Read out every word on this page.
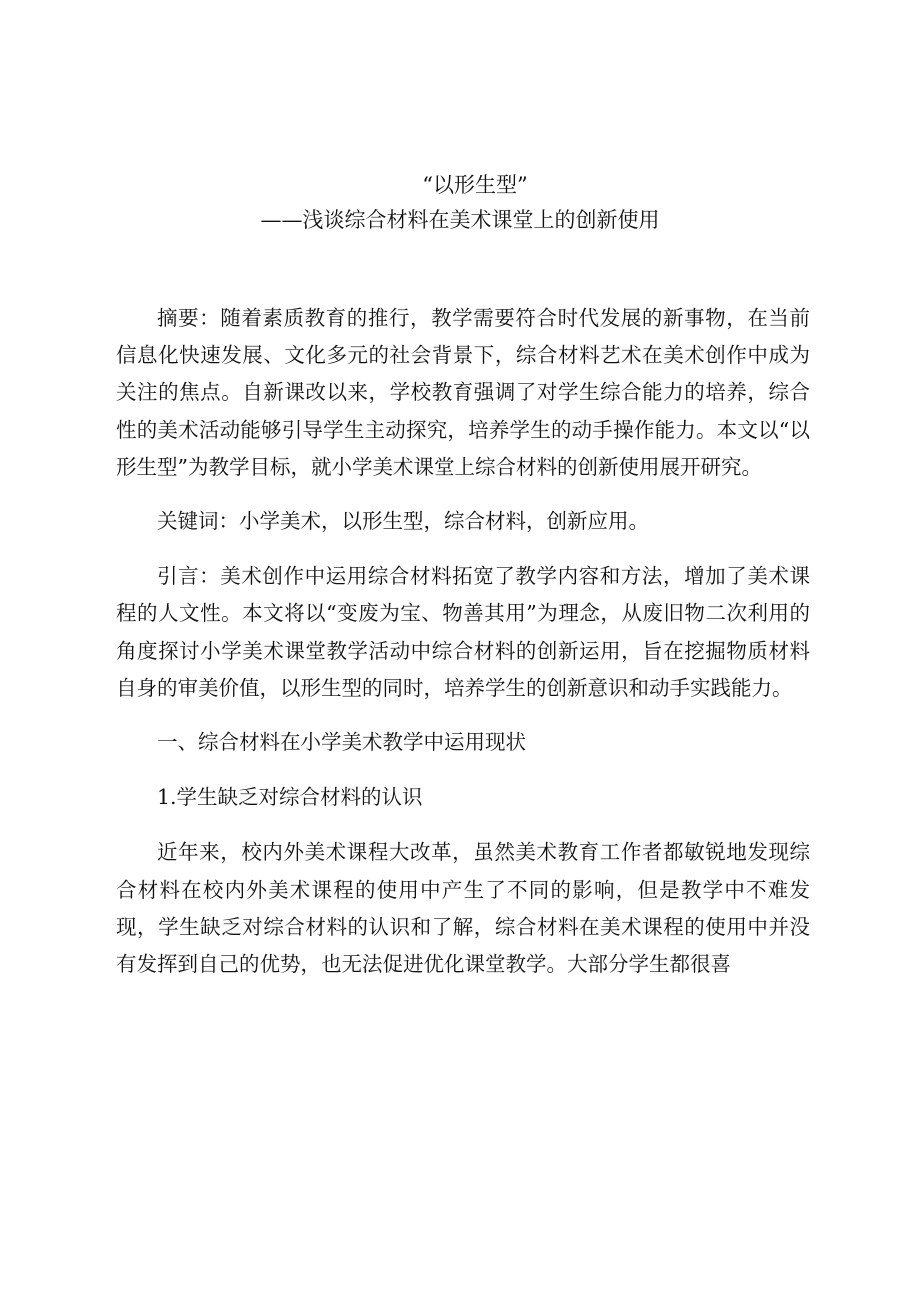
“以形生型”
——浅谈综合材料在美术课堂上的创新使用

摘要：随着素质教育的推行，教学需要符合时代发展的新事物，在当前信息化快速发展、文化多元的社会背景下，综合材料艺术在美术创作中成为关注的焦点。自新课改以来，学校教育强调了对学生综合能力的培养，综合性的美术活动能够引导学生主动探究，培养学生的动手操作能力。本文以“以形生型”为教学目标，就小学美术课堂上综合材料的创新使用展开研究。

关键词：小学美术，以形生型，综合材料，创新应用。

引言：美术创作中运用综合材料拓宽了教学内容和方法，增加了美术课程的人文性。本文将以“变废为宝、物善其用”为理念，从废旧物二次利用的角度探讨小学美术课堂教学活动中综合材料的创新运用，旨在挖掘物质材料自身的审美价值，以形生型的同时，培养学生的创新意识和动手实践能力。

一、综合材料在小学美术教学中运用现状

1.学生缺乏对综合材料的认识

近年来，校内外美术课程大改革，虽然美术教育工作者都敏锐地发现综合材料在校内外美术课程的使用中产生了不同的影响，但是教学中不难发现，学生缺乏对综合材料的认识和了解，综合材料在美术课程的使用中并没有发挥到自己的优势，也无法促进优化课堂教学。大部分学生都很喜
